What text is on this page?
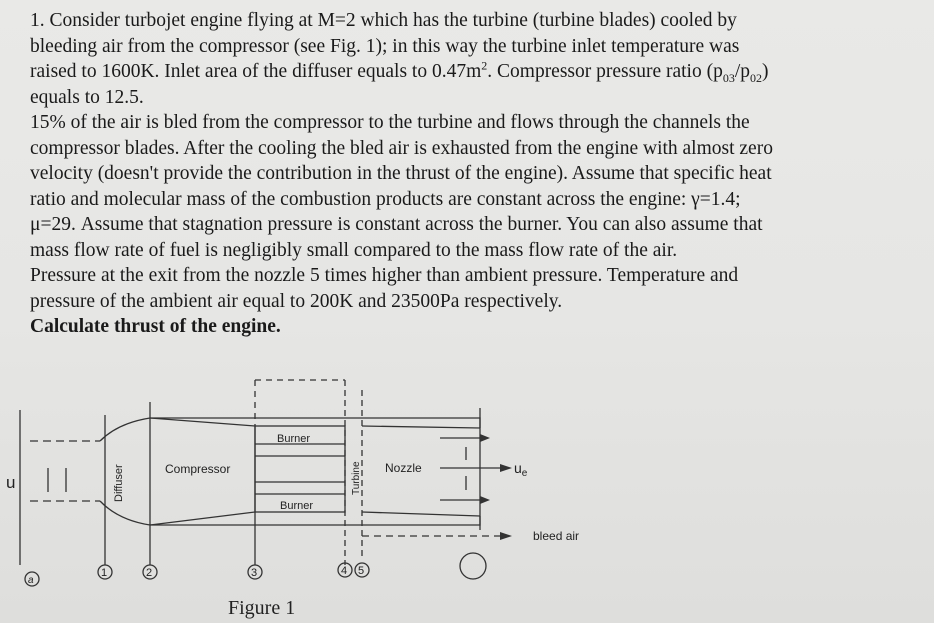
1. Consider turbojet engine flying at M=2 which has the turbine (turbine blades) cooled by

bleeding air from the compressor (see Fig. 1); in this way the turbine inlet temperature was

raised to 1600K. Inlet area of the diffuser equals to $0.47m^2$. Compressor pressure ratio $(p_{03}/p_{02})$

equals to 12.5.

15% of the air is bled from the compressor to the turbine and flows through the channels the

compressor blades. After the cooling the bled air is exhausted from the engine with almost zero

velocity (doesn't provide the contribution in the thrust of the engine). Assume that specific heat

ratio and molecular mass of the combustion products are constant across the engine: γ=1.4;

μ=29. Assume that stagnation pressure is constant across the burner. You can also assume that

mass flow rate of fuel is negligibly small compared to the mass flow rate of the air.

Pressure at the exit from the nozzle 5 times higher than ambient pressure. Temperature and

pressure of the ambient air equal to 200K and 23500Pa respectively.

Calculate thrust of the engine.

u	Diffuser	Compressor
Burner
Burner
Turbine Nozzle	$u_e$
bleed air
a
1	2	3	4 5
Figure 1
